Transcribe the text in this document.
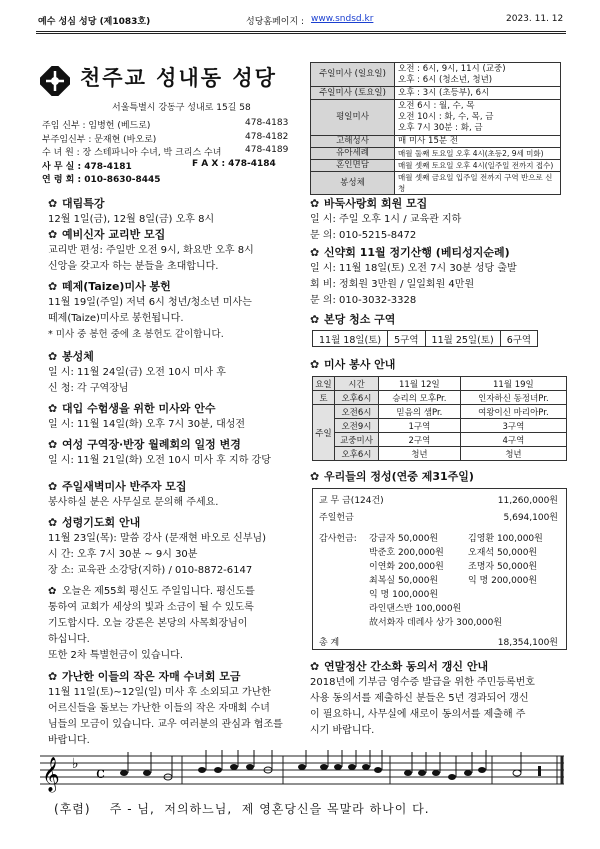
예수 성심 성당 (제1083호)	성당홈페이지 : www.sndsd.kr	2023. 11. 12
천주교 성내동 성당
서울특별시 강동구 성내로 15길 58
주임 신부 : 임병헌 (베드로)	478-4183
부주임신부 : 문재현 (바오로)	478-4182
수 녀 원 : 장 스테파니아 수녀, 박 크리스 수녀	478-4189
사 무 실 : 478-4181	F A X : 478-4184
연 령 회 : 010-8630-8445
주일미사 (일요일)	오전 : 6시, 9시, 11시 (교중)
오후 : 6시 (청소년, 청년)

주일미사 (토요일)	오후 : 3시 (초등부), 6시
평일미사	오전 6시 : 월, 수, 목
오전 10시 : 화, 수, 목, 금
오후 7시 30분 : 화, 금

고해성사	매 미사 15분 전
유아세례	매월 둘째 토요일 오후 4시(초등2, 9세 미화)
혼인면담	매월 셋째 토요일 오후 4시(일주일 전까지 접수)
봉성체	매월 셋째 금요일 입주일 전까지 구역 반으로 신청
✿ 대림특강
12월 1일(금), 12월 8일(금) 오후 8시
✿ 예비신자 교리반 모집
교리반 편성: 주일반 오전 9시, 화요반 오후 8시
신앙을 갖고자 하는 분들을 초대합니다.
✿ 떼제(Taize)미사 봉헌
11월 19일(주일) 저녁 6시 청년/청소년 미사는
떼제(Taize)미사로 봉헌됩니다.
* 미사 중 봉헌 중에 초 봉헌도 같이합니다.
✿ 봉성체
일 시: 11월 24일(금) 오전 10시 미사 후
신 청: 각 구역장님
✿ 대입 수험생을 위한 미사와 안수
일 시: 11월 14일(화) 오후 7시 30분, 대성전
✿ 여성 구역장·반장 월례회의 일정 변경
일 시: 11월 21일(화) 오전 10시 미사 후 지하 강당
✿ 주일새벽미사 반주자 모집
봉사하실 분은 사무실로 문의해 주세요.
✿ 성령기도회 안내
11월 23일(목): 말씀 강사 (문재현 바오로 신부님)
시 간: 오후 7시 30분 ~ 9시 30분
장 소: 교육관 소강당(지하) / 010-8872-6147
✿ 오늘은 제55회 평신도 주일입니다. 평신도를
통하여 교회가 세상의 빛과 소금이 될 수 있도록
기도합시다. 오늘 강론은 본당의 사목회장님이
하십니다.
또한 2차 특별헌금이 있습니다.
✿ 가난한 이들의 작은 자매 수녀회 모금
11월 11일(토)~12일(일) 미사 후 소외되고 가난한
어르신들을 돌보는 가난한 이들의 작은 자매회 수녀
님들의 모금이 있습니다. 교우 여러분의 관심과 협조를
바랍니다.
✿ 바둑사랑회 회원 모집
일 시: 주일 오후 1시 / 교육관 지하
문 의: 010-5215-8472
✿ 신약회 11월 정기산행 (베티성지순례)
일 시: 11월 18일(토) 오전 7시 30분 성당 출발
회 비: 정회원 3만원 / 일일회원 4만원
문 의: 010-3032-3328
✿ 본당 청소 구역
11월 18일(토)	5구역	11월 25일(토)	6구역
✿ 미사 봉사 안내
요일	시간	11월 12일	11월 19일
토	오후6시	승리의 모후Pr.	인자하신 동정녀Pr.
주일	오전6시	믿음의 샘Pr.	여왕이신 마리아Pr.
	오전9시	1구역	3구역
	교중미사	2구역	4구역
	오후6시	청년	청년
✿ 우리들의 정성(연중 제31주일)
교 무 금(124건)	11,260,000원
주일헌금	5,694,100원
감사헌금: 강금자 50,000원	김영환 100,000원
박준호 200,000원	오재석 50,000원
이연화 200,000원	조명자 50,000원
최복실 50,000원	익 명 200,000원
익 명 100,000원
라인댄스반 100,000원
故서화자 데레사 상가 300,000원
총 계	18,354,100원
✿ 연말정산 간소화 동의서 갱신 안내
2018년에 기부금 영수증 발급을 위한 주민등록번호
사용 동의서를 제출하신 분들은 5년 경과되어 갱신
이 필요하니, 사무실에 새로이 동의서를 제출해 주
시기 바랍니다.
𝄞 ♭ c
(후렴)    주 - 님,  저의하느님,  제 영혼당신을 목말라 하나이 다.
